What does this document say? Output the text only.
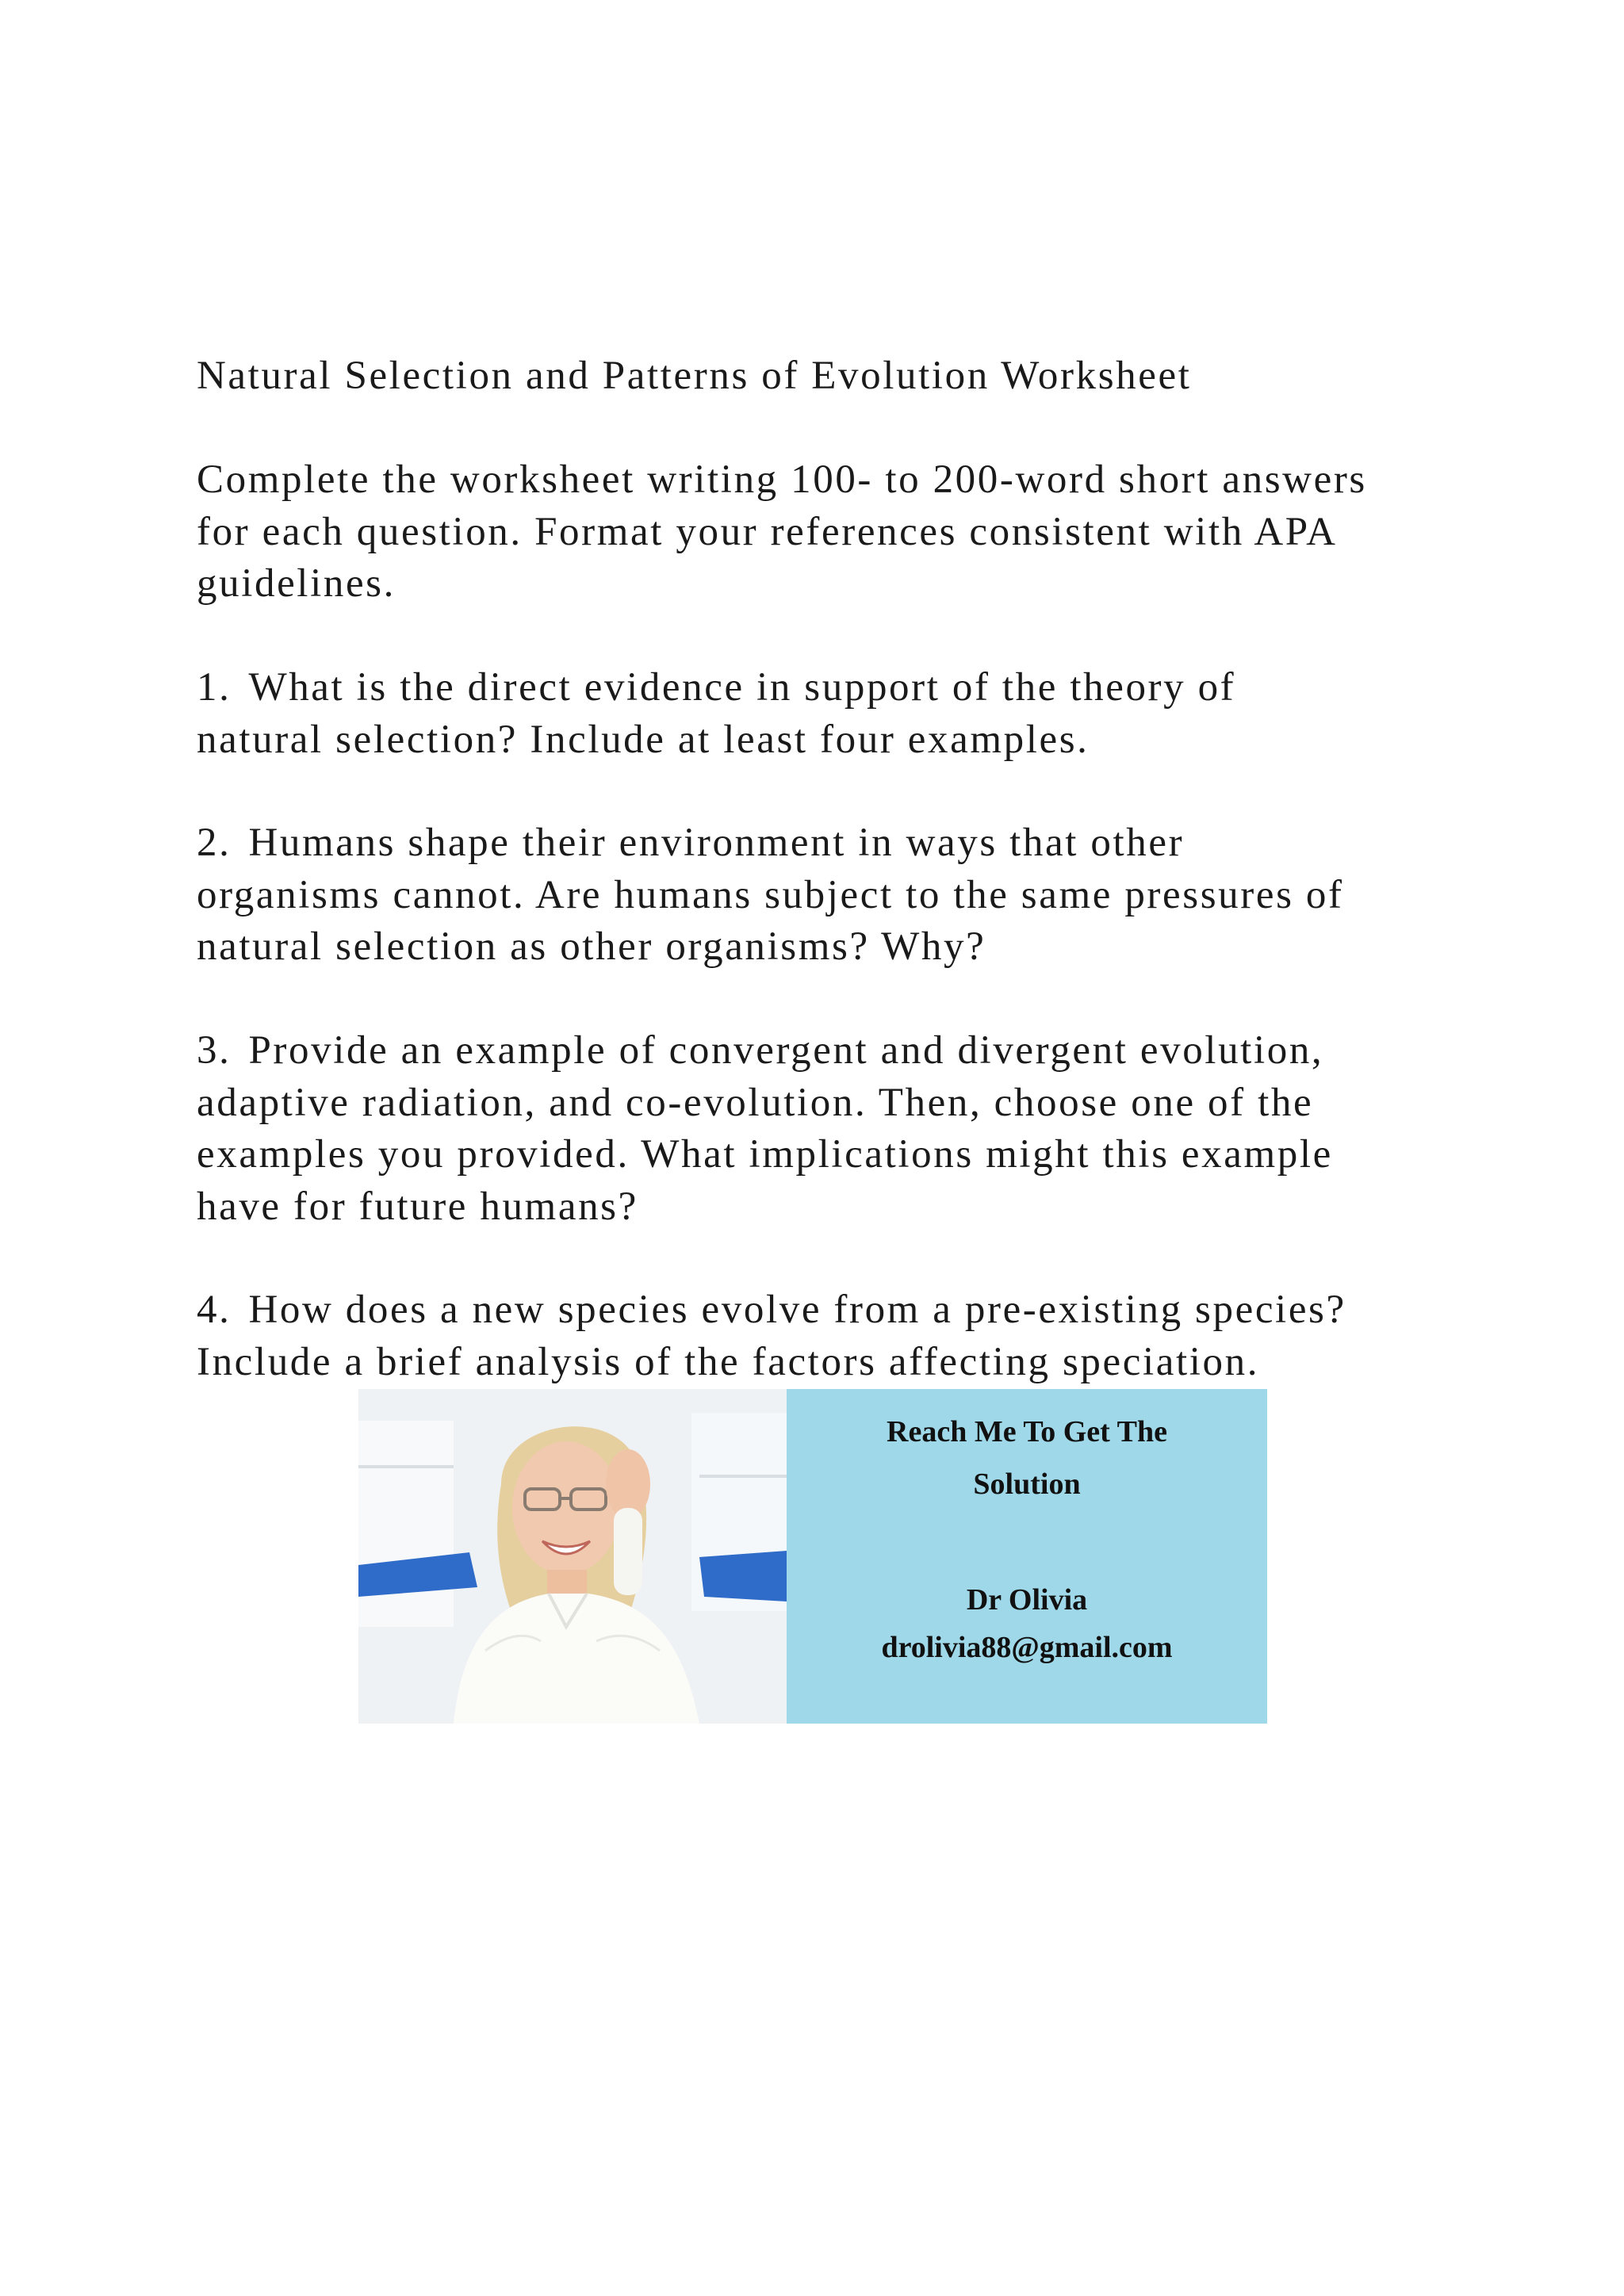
Natural Selection and Patterns of Evolution Worksheet

Complete the worksheet writing 100- to 200-word short answers

for each question. Format your references consistent with APA

guidelines.

1. What is the direct evidence in support of the theory of

natural selection? Include at least four examples.

2. Humans shape their environment in ways that other

organisms cannot. Are humans subject to the same pressures of

natural selection as other organisms? Why?

3. Provide an example of convergent and divergent evolution,

adaptive radiation, and co-evolution. Then, choose one of the

examples you provided. What implications might this example

have for future humans?

4. How does a new species evolve from a pre-existing species?

Include a brief analysis of the factors affecting speciation.

Reach Me To Get The
Solution
Dr Olivia
drolivia88@gmail.com
